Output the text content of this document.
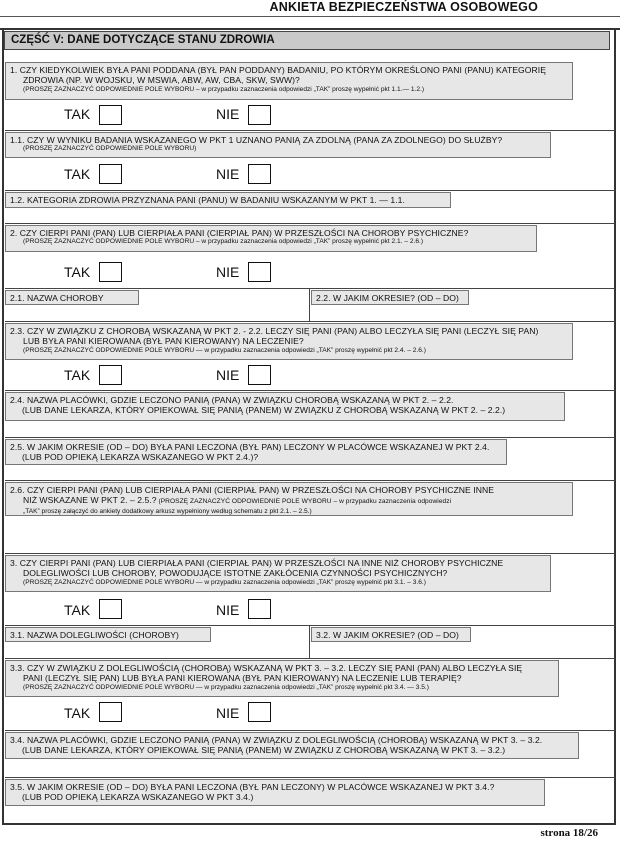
ANKIETA BEZPIECZEŃSTWA OSOBOWEGO
CZĘŚĆ V: DANE DOTYCZĄCE STANU ZDROWIA
1. CZY KIEDYKOLWIEK BYŁA PANI PODDANA (BYŁ PAN PODDANY) BADANIU, PO KTÓRYM OKREŚLONO PANI (PANU) KATEGORIĘ
ZDROWIA (NP. W WOJSKU, W MSWIA, ABW, AW, CBA, SKW, SWW)?
(PROSZĘ ZAZNACZYĆ ODPOWIEDNIE POLE WYBORU – w przypadku zaznaczenia odpowiedzi „TAK” proszę wypełnić pkt 1.1.— 1.2.)
TAK	NIE
1.1. CZY W WYNIKU BADANIA WSKAZANEGO W PKT 1 UZNANO PANIĄ ZA ZDOLNĄ (PANA ZA ZDOLNEGO) DO SŁUŻBY?
(PROSZĘ ZAZNACZYĆ ODPOWIEDNIE POLE WYBORU)
TAK	NIE
1.2. KATEGORIA ZDROWIA PRZYZNANA PANI (PANU) W BADANIU WSKAZANYM W PKT 1. — 1.1.
2. CZY CIERPI PANI (PAN) LUB CIERPIAŁA PANI (CIERPIAŁ PAN) W PRZESZŁOŚCI NA CHOROBY PSYCHICZNE?
(PROSZĘ ZAZNACZYĆ ODPOWIEDNIE POLE WYBORU – w przypadku zaznaczenia odpowiedzi „TAK” proszę wypełnić pkt 2.1. – 2.6.)
TAK	NIE
2.1. NAZWA CHOROBY	2.2. W JAKIM OKRESIE? (OD – DO)
2.3. CZY W ZWIĄZKU Z CHOROBĄ WSKAZANĄ W PKT 2. - 2.2. LECZY SIĘ PANI (PAN) ALBO LECZYŁA SIĘ PANI (LECZYŁ SIĘ PAN)
LUB BYŁA PANI KIEROWANA (BYŁ PAN KIEROWANY) NA LECZENIE?
(PROSZĘ ZAZNACZYĆ ODPOWIEDNIE POLE WYBORU — w przypadku zaznaczenia odpowiedzi „TAK” proszę wypełnić pkt 2.4. – 2.6.)
TAK	NIE
2.4. NAZWA PLACÓWKI, GDZIE LECZONO PANIĄ (PANA) W ZWIĄZKU CHOROBĄ WSKAZANĄ W PKT 2. – 2.2.
(LUB DANE LEKARZA, KTÓRY OPIEKOWAŁ SIĘ PANIĄ (PANEM) W ZWIĄZKU Z CHOROBĄ WSKAZANĄ W PKT 2. – 2.2.)
2.5. W JAKIM OKRESIE (OD – DO) BYŁA PANI LECZONA (BYŁ PAN) LECZONY W PLACÓWCE WSKAZANEJ W PKT 2.4.
(LUB POD OPIEKĄ LEKARZA WSKAZANEGO W PKT 2.4.)?
2.6. CZY CIERPI PANI (PAN) LUB CIERPIAŁA PANI (CIERPIAŁ PAN) W PRZESZŁOŚCI NA CHOROBY PSYCHICZNE INNE
NIŻ WSKAZANE W PKT 2. – 2.5.? (PROSZĘ ZAZNACZYĆ ODPOWIEDNIE POLE WYBORU – w przypadku zaznaczenia odpowiedzi
„TAK” proszę załączyć do ankiety dodatkowy arkusz wypełniony według schematu z pkt 2.1. – 2.5.)
3. CZY CIERPI PANI (PAN) LUB CIERPIAŁA PANI (CIERPIAŁ PAN) W PRZESZŁOŚCI NA INNE NIŻ CHOROBY PSYCHICZNE
DOLEGLIWOŚCI LUB CHOROBY, POWODUJĄCE ISTOTNE ZAKŁÓCENIA CZYNNOŚCI PSYCHICZNYCH?
(PROSZĘ ZAZNACZYĆ ODPOWIEDNIE POLE WYBORU — w przypadku zaznaczenia odpowiedzi „TAK” proszę wypełnić pkt 3.1. – 3.6.)
TAK	NIE
3.1. NAZWA DOLEGLIWOŚCI (CHOROBY)	3.2. W JAKIM OKRESIE? (OD – DO)
3.3. CZY W ZWIĄZKU Z DOLEGLIWOŚCIĄ (CHOROBĄ) WSKAZANĄ W PKT 3. – 3.2. LECZY SIĘ PANI (PAN) ALBO LECZYŁA SIĘ
PANI (LECZYŁ SIĘ PAN) LUB BYŁA PANI KIEROWANA (BYŁ PAN KIEROWANY) NA LECZENIE LUB TERAPIĘ?
(PROSZĘ ZAZNACZYĆ ODPOWIEDNIE POLE WYBORU — w przypadku zaznaczenia odpowiedzi „TAK” proszę wypełnić pkt 3.4. — 3.5.)
TAK	NIE
3.4. NAZWA PLACÓWKI, GDZIE LECZONO PANIĄ (PANA) W ZWIĄZKU Z DOLEGLIWOŚCIĄ (CHOROBĄ) WSKAZANĄ W PKT 3. – 3.2.
(LUB DANE LEKARZA, KTÓRY OPIEKOWAŁ SIĘ PANIĄ (PANEM) W ZWIĄZKU Z CHOROBĄ WSKAZANĄ W PKT 3. – 3.2.)
3.5. W JAKIM OKRESIE (OD – DO) BYŁA PANI LECZONA (BYŁ PAN LECZONY) W PLACÓWCE WSKAZANEJ W PKT 3.4.?
(LUB POD OPIEKĄ LEKARZA WSKAZANEGO W PKT 3.4.)
strona 18/26
